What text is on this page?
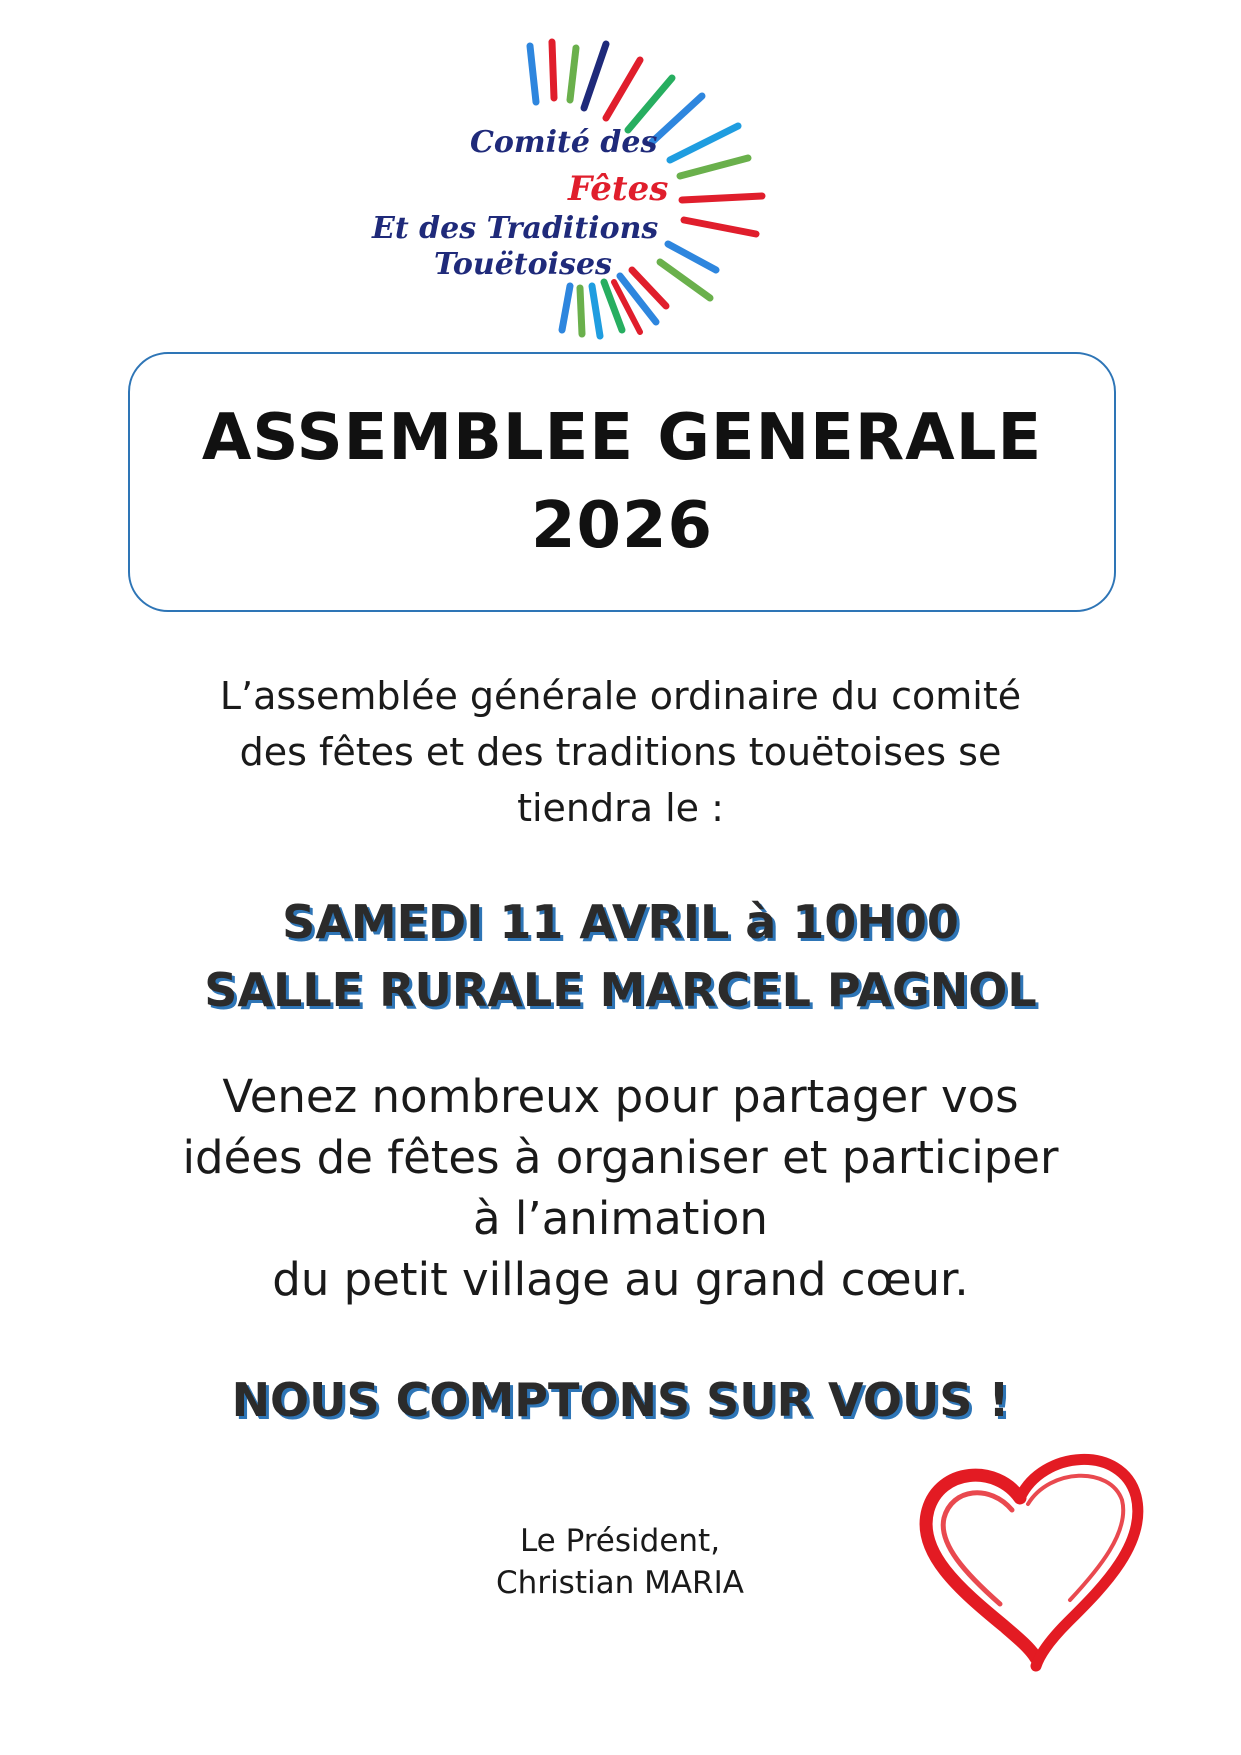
Comité des
Fêtes
Et des Traditions
Touëtoises
ASSEMBLEE GENERALE
2026
L’assemblée générale ordinaire du comité
des fêtes et des traditions touëtoises se
tiendra le :
SAMEDI 11 AVRIL à 10H00
SALLE RURALE MARCEL PAGNOL
Venez nombreux pour partager vos
idées de fêtes à organiser et participer
à l’animation
du petit village au grand cœur.
NOUS COMPTONS SUR VOUS !
Le Président,
Christian MARIA
